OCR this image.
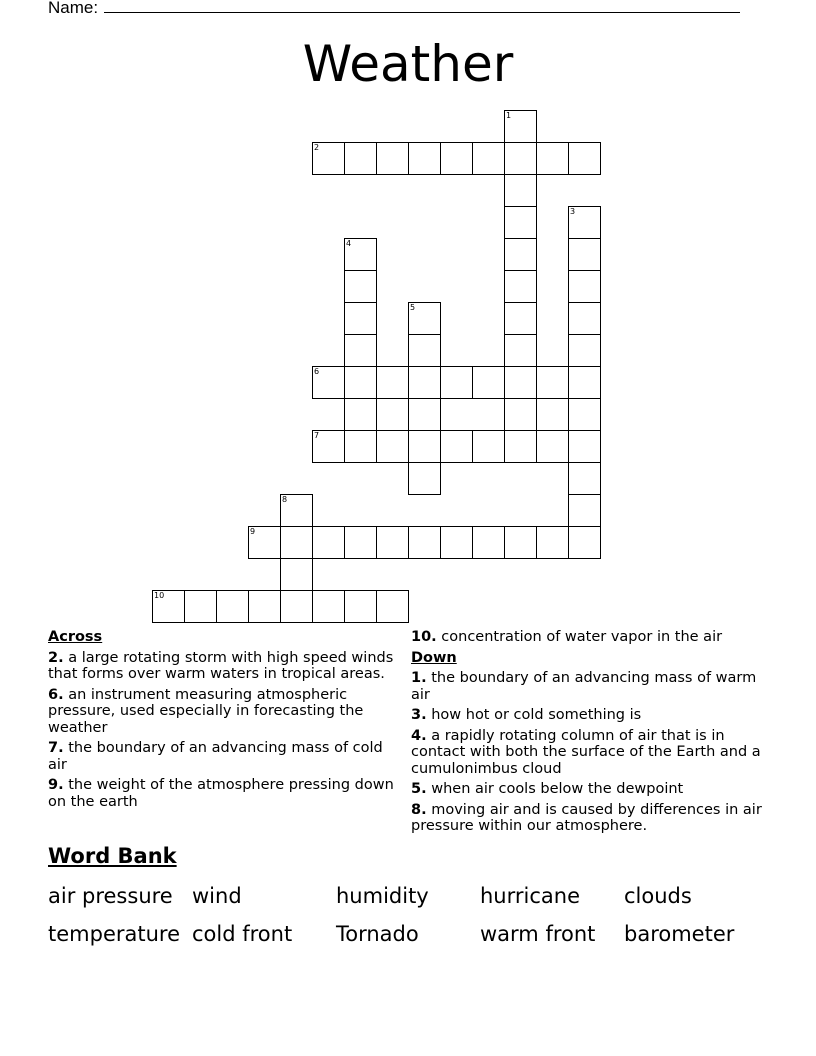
Name:
Weather
2
1
3
4
5
6
7
8
9
10
Across
2. a large rotating storm with high speed winds that forms over warm waters in tropical areas.
6. an instrument measuring atmospheric pressure, used especially in forecasting the weather
7. the boundary of an advancing mass of cold air
9. the weight of the atmosphere pressing down on the earth
10. concentration of water vapor in the air
Down
1. the boundary of an advancing mass of warm air
3. how hot or cold something is
4. a rapidly rotating column of air that is in contact with both the surface of the Earth and a cumulonimbus cloud
5. when air cools below the dewpoint
8. moving air and is caused by differences in air pressure within our atmosphere.
Word Bank
air pressure wind	humidity hurricane clouds
temperature cold front Tornado	warm front barometer
